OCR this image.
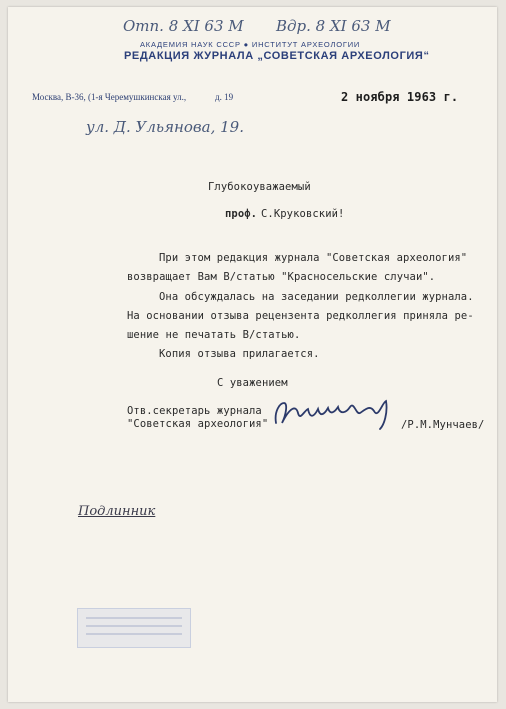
Отп. 8 XI 63 М Вдр. 8 XI 63 М
АКАДЕМИЯ НАУК СССР ● ИНСТИТУТ АРХЕОЛОГИИ
РЕДАКЦИЯ ЖУРНАЛА „СОВЕТСКАЯ АРХЕОЛОГИЯ“
Москва, В-36, (1-я Черемушкинская ул.,	д. 19	2 ноября 1963 г.
ул. Д. Ульянова, 19.
Глубокоуважаемый
проф. С.Круковский!
При этом редакция журнала "Советская археология"
возвращает Вам В/статью "Красносельские случаи".
Она обсуждалась на заседании редколлегии журнала.
На основании отзыва рецензента редколлегия приняла ре-
шение не печатать В/статью.
Копия отзыва прилагается.
С уважением
Отв.секретарь журнала
"Советская археология"	/Р.М.Мунчаев/
Подлинник
